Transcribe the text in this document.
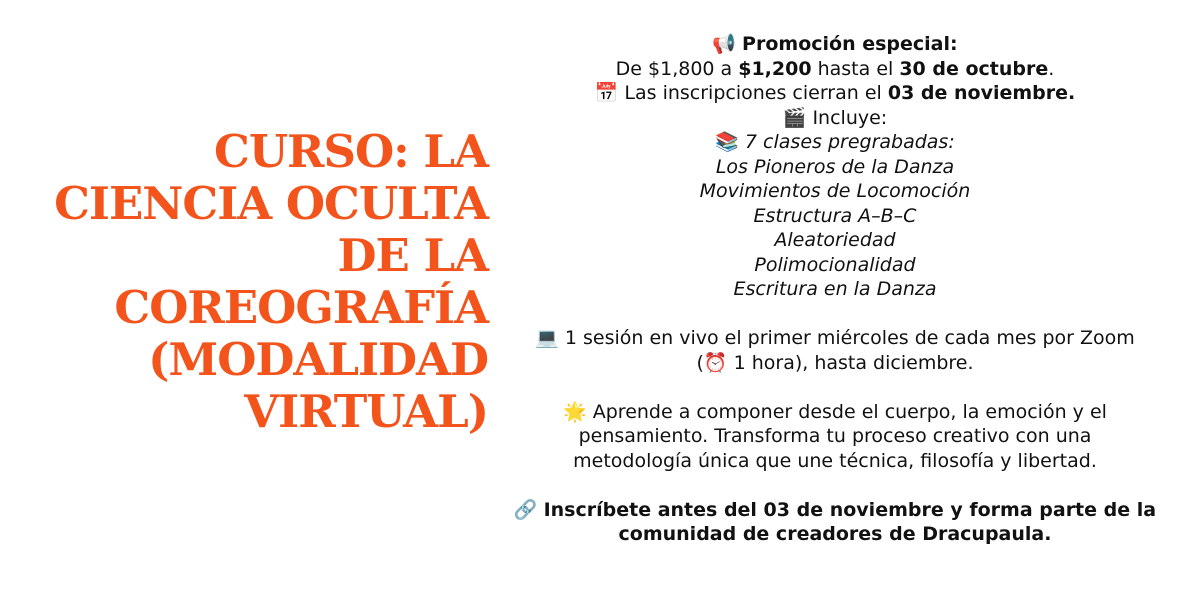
CURSO: LA
CIENCIA OCULTA
DE LA
COREOGRAFÍA
(MODALIDAD
VIRTUAL)
📢 Promoción especial:
De $1,800 a $1,200 hasta el 30 de octubre.
📅 Las inscripciones cierran el 03 de noviembre.
🎬 Incluye:
📚 7 clases pregrabadas:
Los Pioneros de la Danza
Movimientos de Locomoción
Estructura A–B–C
Aleatoriedad
Polimocionalidad
Escritura en la Danza
💻 1 sesión en vivo el primer miércoles de cada mes por Zoom
(⏰ 1 hora), hasta diciembre.
🌟 Aprende a componer desde el cuerpo, la emoción y el
pensamiento. Transforma tu proceso creativo con una
metodología única que une técnica, filosofía y libertad.
🔗 Inscríbete antes del 03 de noviembre y forma parte de la
comunidad de creadores de Dracupaula.
